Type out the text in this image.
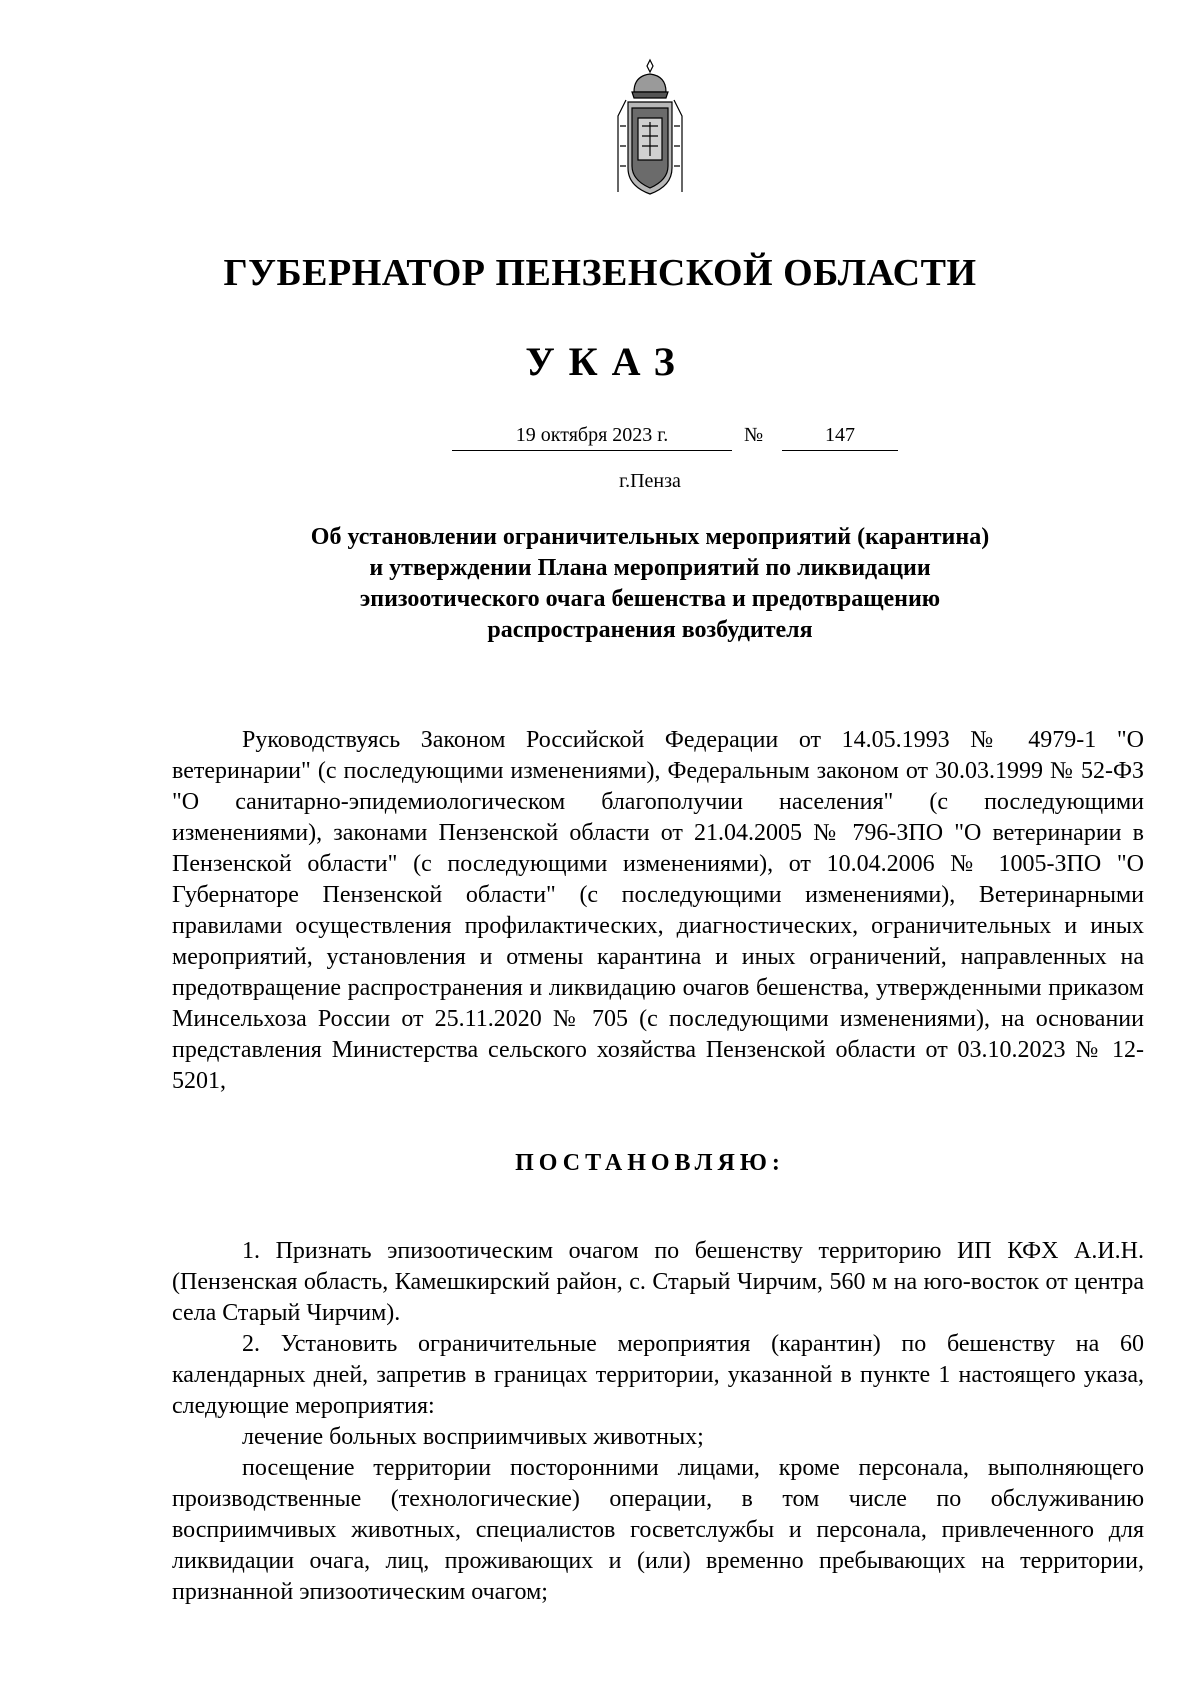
ГУБЕРНАТОР ПЕНЗЕНСКОЙ ОБЛАСТИ
УКАЗ
19 октября 2023 г.	№	147
г.Пенза
Об установлении ограничительных мероприятий (карантина)
и утверждении Плана мероприятий по ликвидации
эпизоотического очага бешенства и предотвращению
распространения возбудителя

Руководствуясь Законом Российской Федерации от 14.05.1993 № 4979-1 "О ветеринарии" (с последующими изменениями), Федеральным законом от 30.03.1999 № 52-ФЗ "О санитарно-эпидемиологическом благополучии населения" (с последующими изменениями), законами Пензенской области от 21.04.2005 № 796-ЗПО "О ветеринарии в Пензенской области" (с последующими изменениями), от 10.04.2006 № 1005-ЗПО "О Губернаторе Пензенской области" (с последующими изменениями), Ветеринарными правилами осуществления профилактических, диагностических, ограничительных и иных мероприятий, установления и отмены карантина и иных ограничений, направленных на предотвращение распространения и ликвидацию очагов бешенства, утвержденными приказом Минсельхоза России от 25.11.2020 № 705 (с последующими изменениями), на основании представления Министерства сельского хозяйства Пензенской области от 03.10.2023 № 12-5201,

ПОСТАНОВЛЯЮ:

1. Признать эпизоотическим очагом по бешенству территорию ИП КФХ А.И.Н. (Пензенская область, Камешкирский район, с. Старый Чирчим, 560 м на юго-восток от центра села Старый Чирчим).

2. Установить ограничительные мероприятия (карантин) по бешенству на 60 календарных дней, запретив в границах территории, указанной в пункте 1 настоящего указа, следующие мероприятия:

лечение больных восприимчивых животных;

посещение территории посторонними лицами, кроме персонала, выполняющего производственные (технологические) операции, в том числе по обслуживанию восприимчивых животных, специалистов госветслужбы и персонала, привлеченного для ликвидации очага, лиц, проживающих и (или) временно пребывающих на территории, признанной эпизоотическим очагом;
